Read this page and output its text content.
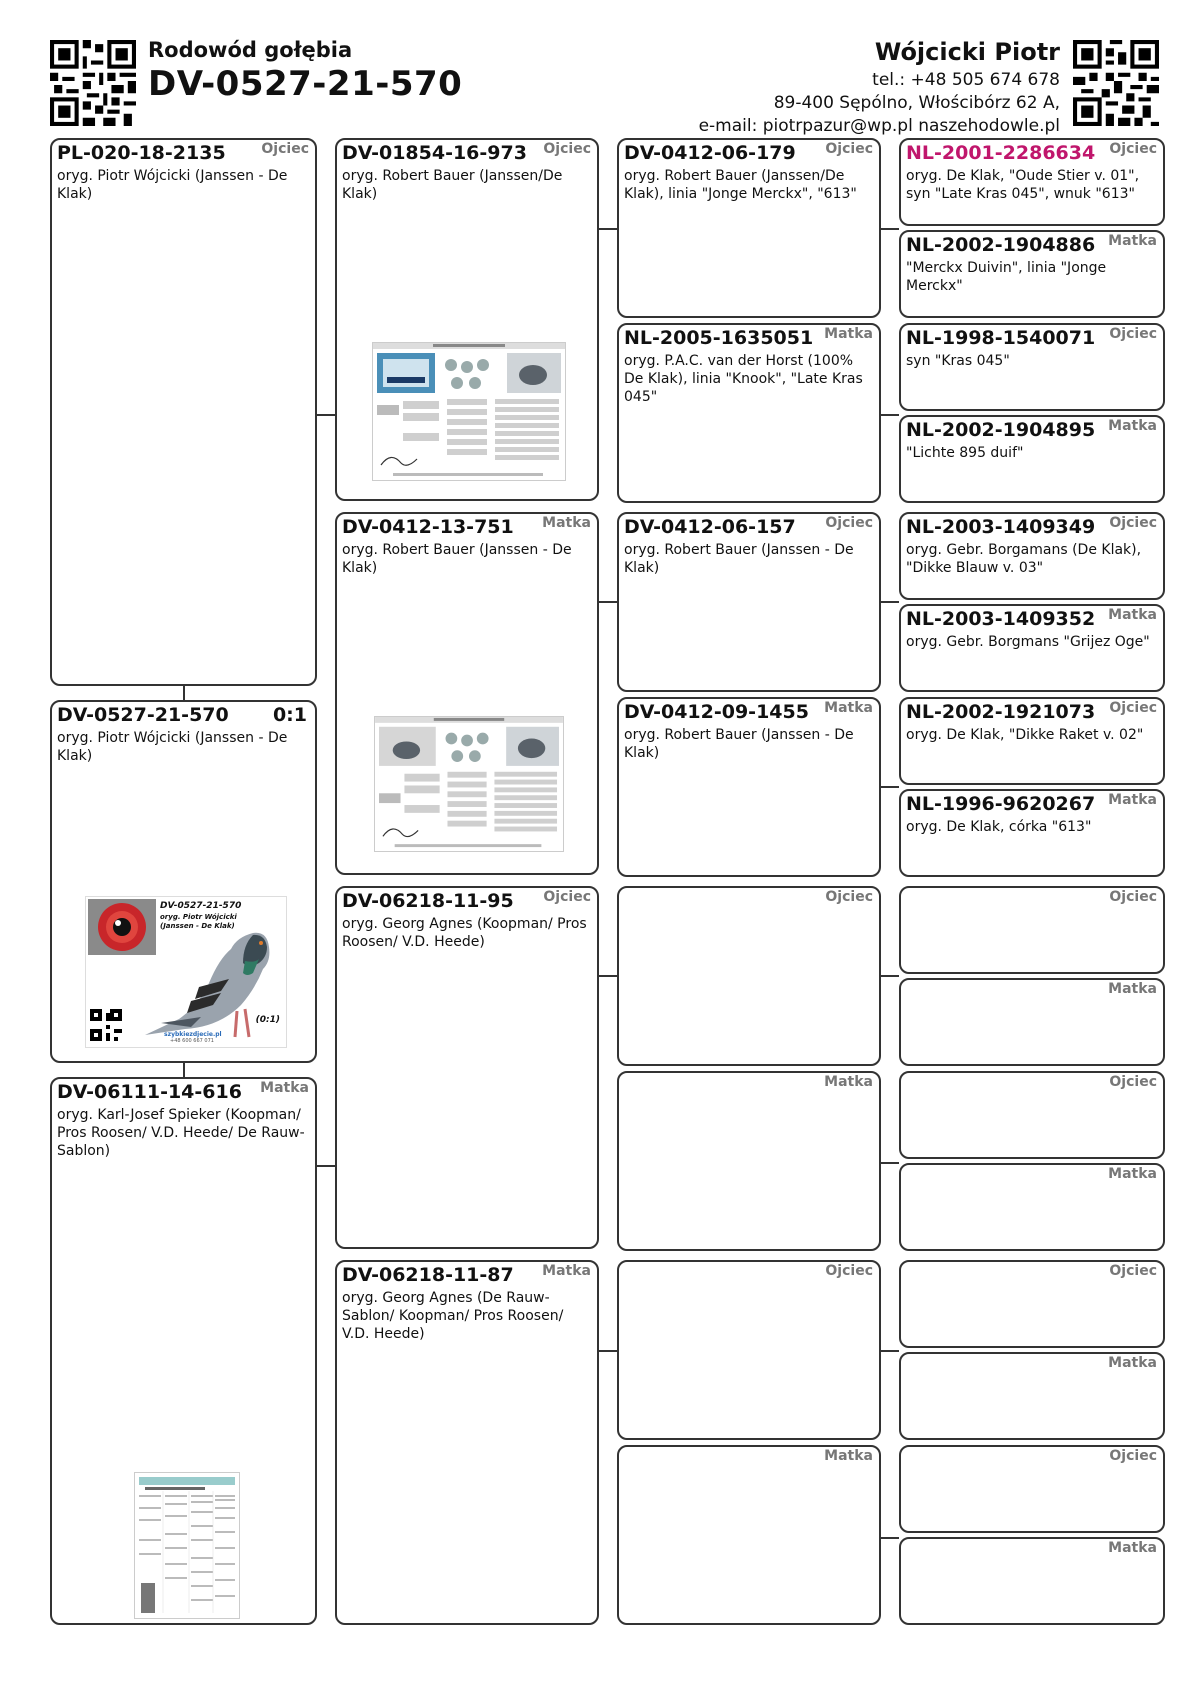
Rodowód gołębia
DV-0527-21-570
Wójcicki Piotr
tel.: +48 505 674 678
89-400 Sępólno, Włościbórz 62 A,
e-mail: piotrpazur@wp.pl naszehodowle.pl
PL-020-18-2135	Ojciec
oryg. Piotr Wójcicki (Janssen - De Klak)
DV-0527-21-570 0:1
oryg. Piotr Wójcicki (Janssen - De Klak)
DV-0527-21-570
oryg. Piotr Wójcicki
(Janssen - De Klak)
(0:1)
szybkiezdjecie.pl
+48 600 667 071
DV-06111-14-616 Matka
oryg. Karl-Josef Spieker (Koopman/ Pros Roosen/ V.D. Heede/ De Rauw-Sablon)
DV-01854-16-973 Ojciec
oryg. Robert Bauer (Janssen/De Klak)
DV-0412-13-751 Matka
oryg. Robert Bauer (Janssen - De Klak)
DV-06218-11-95 Ojciec
oryg. Georg Agnes (Koopman/ Pros Roosen/ V.D. Heede)
DV-06218-11-87 Matka
oryg. Georg Agnes (De Rauw-Sablon/ Koopman/ Pros Roosen/ V.D. Heede)
DV-0412-06-179 Ojciec
oryg. Robert Bauer (Janssen/De Klak), linia "Jonge Merckx", "613"
NL-2005-1635051 Matka
oryg. P.A.C. van der Horst (100% De Klak), linia "Knook", "Late Kras 045"
DV-0412-06-157 Ojciec
oryg. Robert Bauer (Janssen - De Klak)
DV-0412-09-1455 Matka
oryg. Robert Bauer (Janssen - De Klak)
Ojciec
Matka
Ojciec
Matka
NL-2001-2286634 Ojciec
oryg. De Klak, "Oude Stier v. 01", syn "Late Kras 045", wnuk "613"
NL-2002-1904886 Matka
"Merckx Duivin", linia "Jonge Merckx"
NL-1998-1540071 Ojciec
syn "Kras 045"
NL-2002-1904895 Matka
"Lichte 895 duif"
NL-2003-1409349 Ojciec
oryg. Gebr. Borgamans (De Klak), "Dikke Blauw v. 03"
NL-2003-1409352 Matka
oryg. Gebr. Borgmans "Grijez Oge"
NL-2002-1921073 Ojciec
oryg. De Klak, "Dikke Raket v. 02"
NL-1996-9620267 Matka
oryg. De Klak, córka "613"
Ojciec
Matka
Ojciec
Matka
Ojciec
Matka
Ojciec
Matka
